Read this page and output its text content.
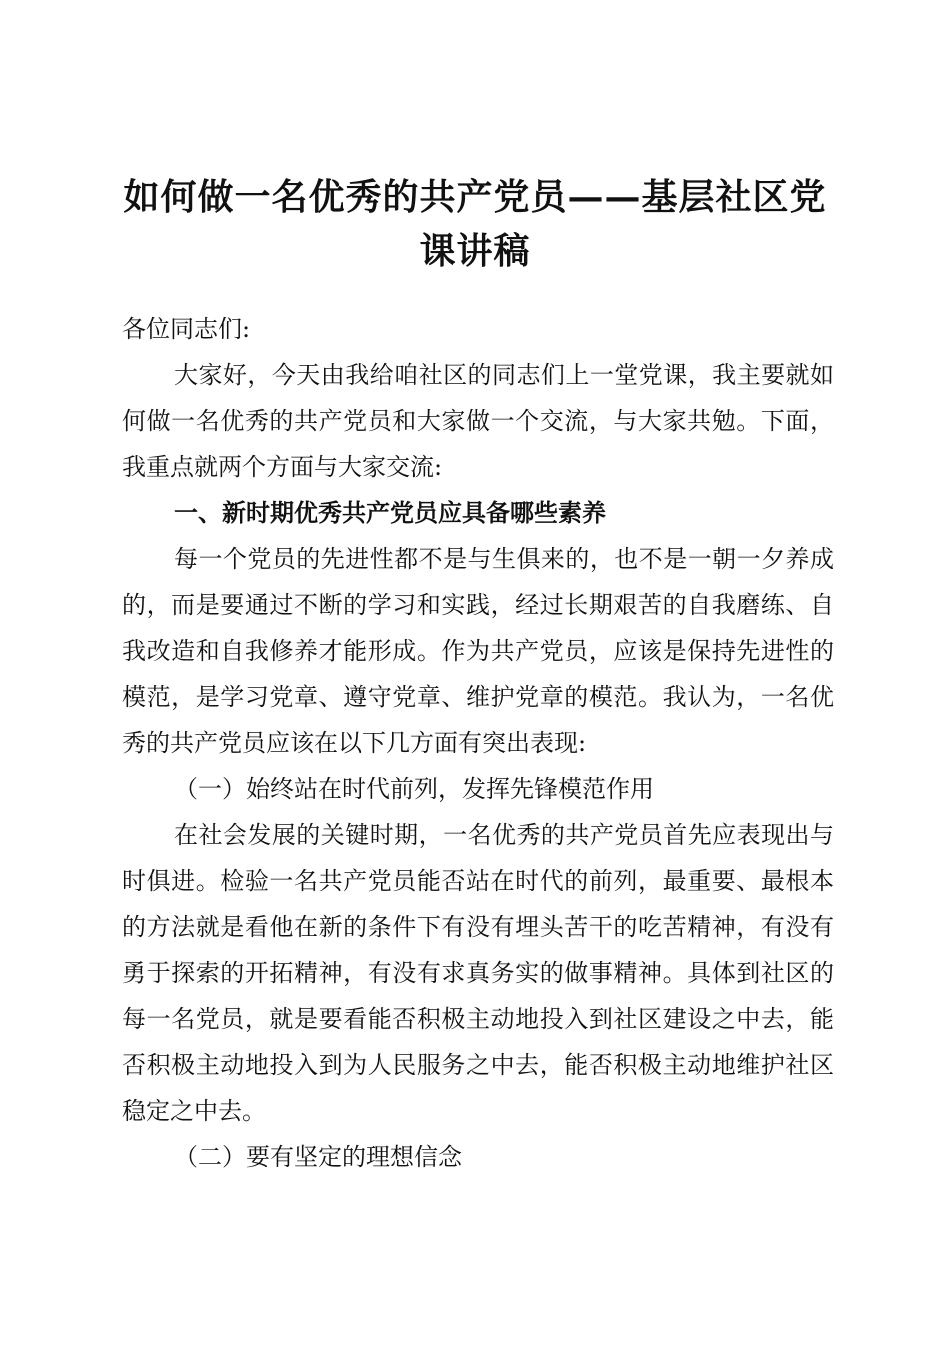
如何做一名优秀的共产党员——基层社区党
课讲稿

各位同志们:

大家好，今天由我给咱社区的同志们上一堂党课，我主要就如何做一名优秀的共产党员和大家做一个交流，与大家共勉。下面，我重点就两个方面与大家交流:

一、新时期优秀共产党员应具备哪些素养

每一个党员的先进性都不是与生俱来的，也不是一朝一夕养成的，而是要通过不断的学习和实践，经过长期艰苦的自我磨练、自我改造和自我修养才能形成。作为共产党员，应该是保持先进性的模范，是学习党章、遵守党章、维护党章的模范。我认为，一名优秀的共产党员应该在以下几方面有突出表现:

（一）始终站在时代前列，发挥先锋模范作用

在社会发展的关键时期，一名优秀的共产党员首先应表现出与时俱进。检验一名共产党员能否站在时代的前列，最重要、最根本的方法就是看他在新的条件下有没有埋头苦干的吃苦精神，有没有勇于探索的开拓精神，有没有求真务实的做事精神。具体到社区的每一名党员，就是要看能否积极主动地投入到社区建设之中去，能否积极主动地投入到为人民服务之中去，能否积极主动地维护社区稳定之中去。

（二）要有坚定的理想信念
